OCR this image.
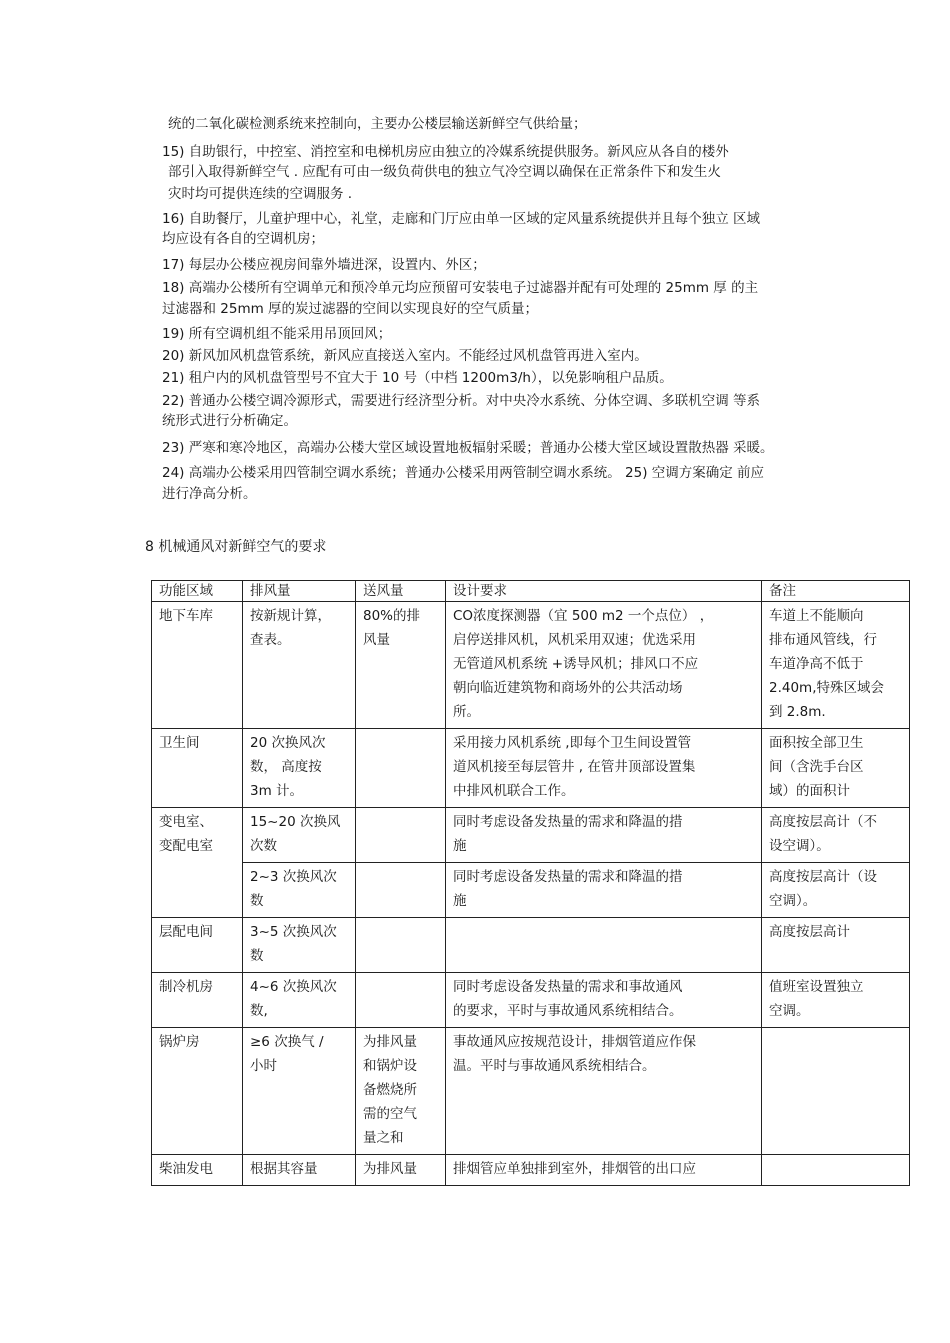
统的二氧化碳检测系统来控制向，主要办公楼层输送新鲜空气供给量；
15) 自助银行，中控室、消控室和电梯机房应由独立的冷媒系统提供服务。新风应从各自的楼外
部引入取得新鲜空气 . 应配有可由一级负荷供电的独立气冷空调以确保在正常条件下和发生火
灾时均可提供连续的空调服务 .
16) 自助餐厅，儿童护理中心，礼堂，走廊和门厅应由单一区域的定风量系统提供并且每个独立 区域
均应设有各自的空调机房；
17) 每层办公楼应视房间靠外墙进深，设置内、外区；
18) 高端办公楼所有空调单元和预冷单元均应预留可安装电子过滤器并配有可处理的 25mm 厚 的主
过滤器和 25mm 厚的炭过滤器的空间以实现良好的空气质量；
19) 所有空调机组不能采用吊顶回风；
20) 新风加风机盘管系统，新风应直接送入室内。不能经过风机盘管再进入室内。
21) 租户内的风机盘管型号不宜大于 10 号（中档 1200m3/h），以免影响租户品质。
22) 普通办公楼空调冷源形式，需要进行经济型分析。对中央冷水系统、分体空调、多联机空调 等系
统形式进行分析确定。
23) 严寒和寒冷地区，高端办公楼大堂区域设置地板辐射采暖；普通办公楼大堂区域设置散热器 采暖。
24) 高端办公楼采用四管制空调水系统；普通办公楼采用两管制空调水系统。 25) 空调方案确定 前应
进行净高分析。
8 机械通风对新鲜空气的要求
功能区域	排风量	送风量	设计要求	备注
地下车库	按新规计算，
查表。	80%的排
风量	CO浓度探测器（宜 500 m2 一个点位） ，
启停送排风机，风机采用双速；优选采用
无管道风机系统 +诱导风机；排风口不应
朝向临近建筑物和商场外的公共活动场
所。	车道上不能顺向
排布通风管线，行
车道净高不低于
2.40m,特殊区域会
到 2.8m.
卫生间	20 次换风次
数， 高度按
3m 计。		采用接力风机系统 ,即每个卫生间设置管
道风机接至每层管井 , 在管井顶部设置集
中排风机联合工作。	面积按全部卫生
间（含洗手台区
域）的面积计
变电室、
变配电室	15~20 次换风
次数		同时考虑设备发热量的需求和降温的措
施	高度按层高计（不
设空调）。
	2~3 次换风次
数		同时考虑设备发热量的需求和降温的措
施	高度按层高计（设
空调）。
层配电间	3~5 次换风次
数			高度按层高计
制冷机房	4~6 次换风次
数,		同时考虑设备发热量的需求和事故通风
的要求，平时与事故通风系统相结合。	值班室设置独立
空调。
锅炉房	≥6 次换气 /
小时	为排风量
和锅炉设
备燃烧所
需的空气
量之和	事故通风应按规范设计，排烟管道应作保
温。平时与事故通风系统相结合。	
柴油发电	根据其容量	为排风量	排烟管应单独排到室外，排烟管的出口应	
